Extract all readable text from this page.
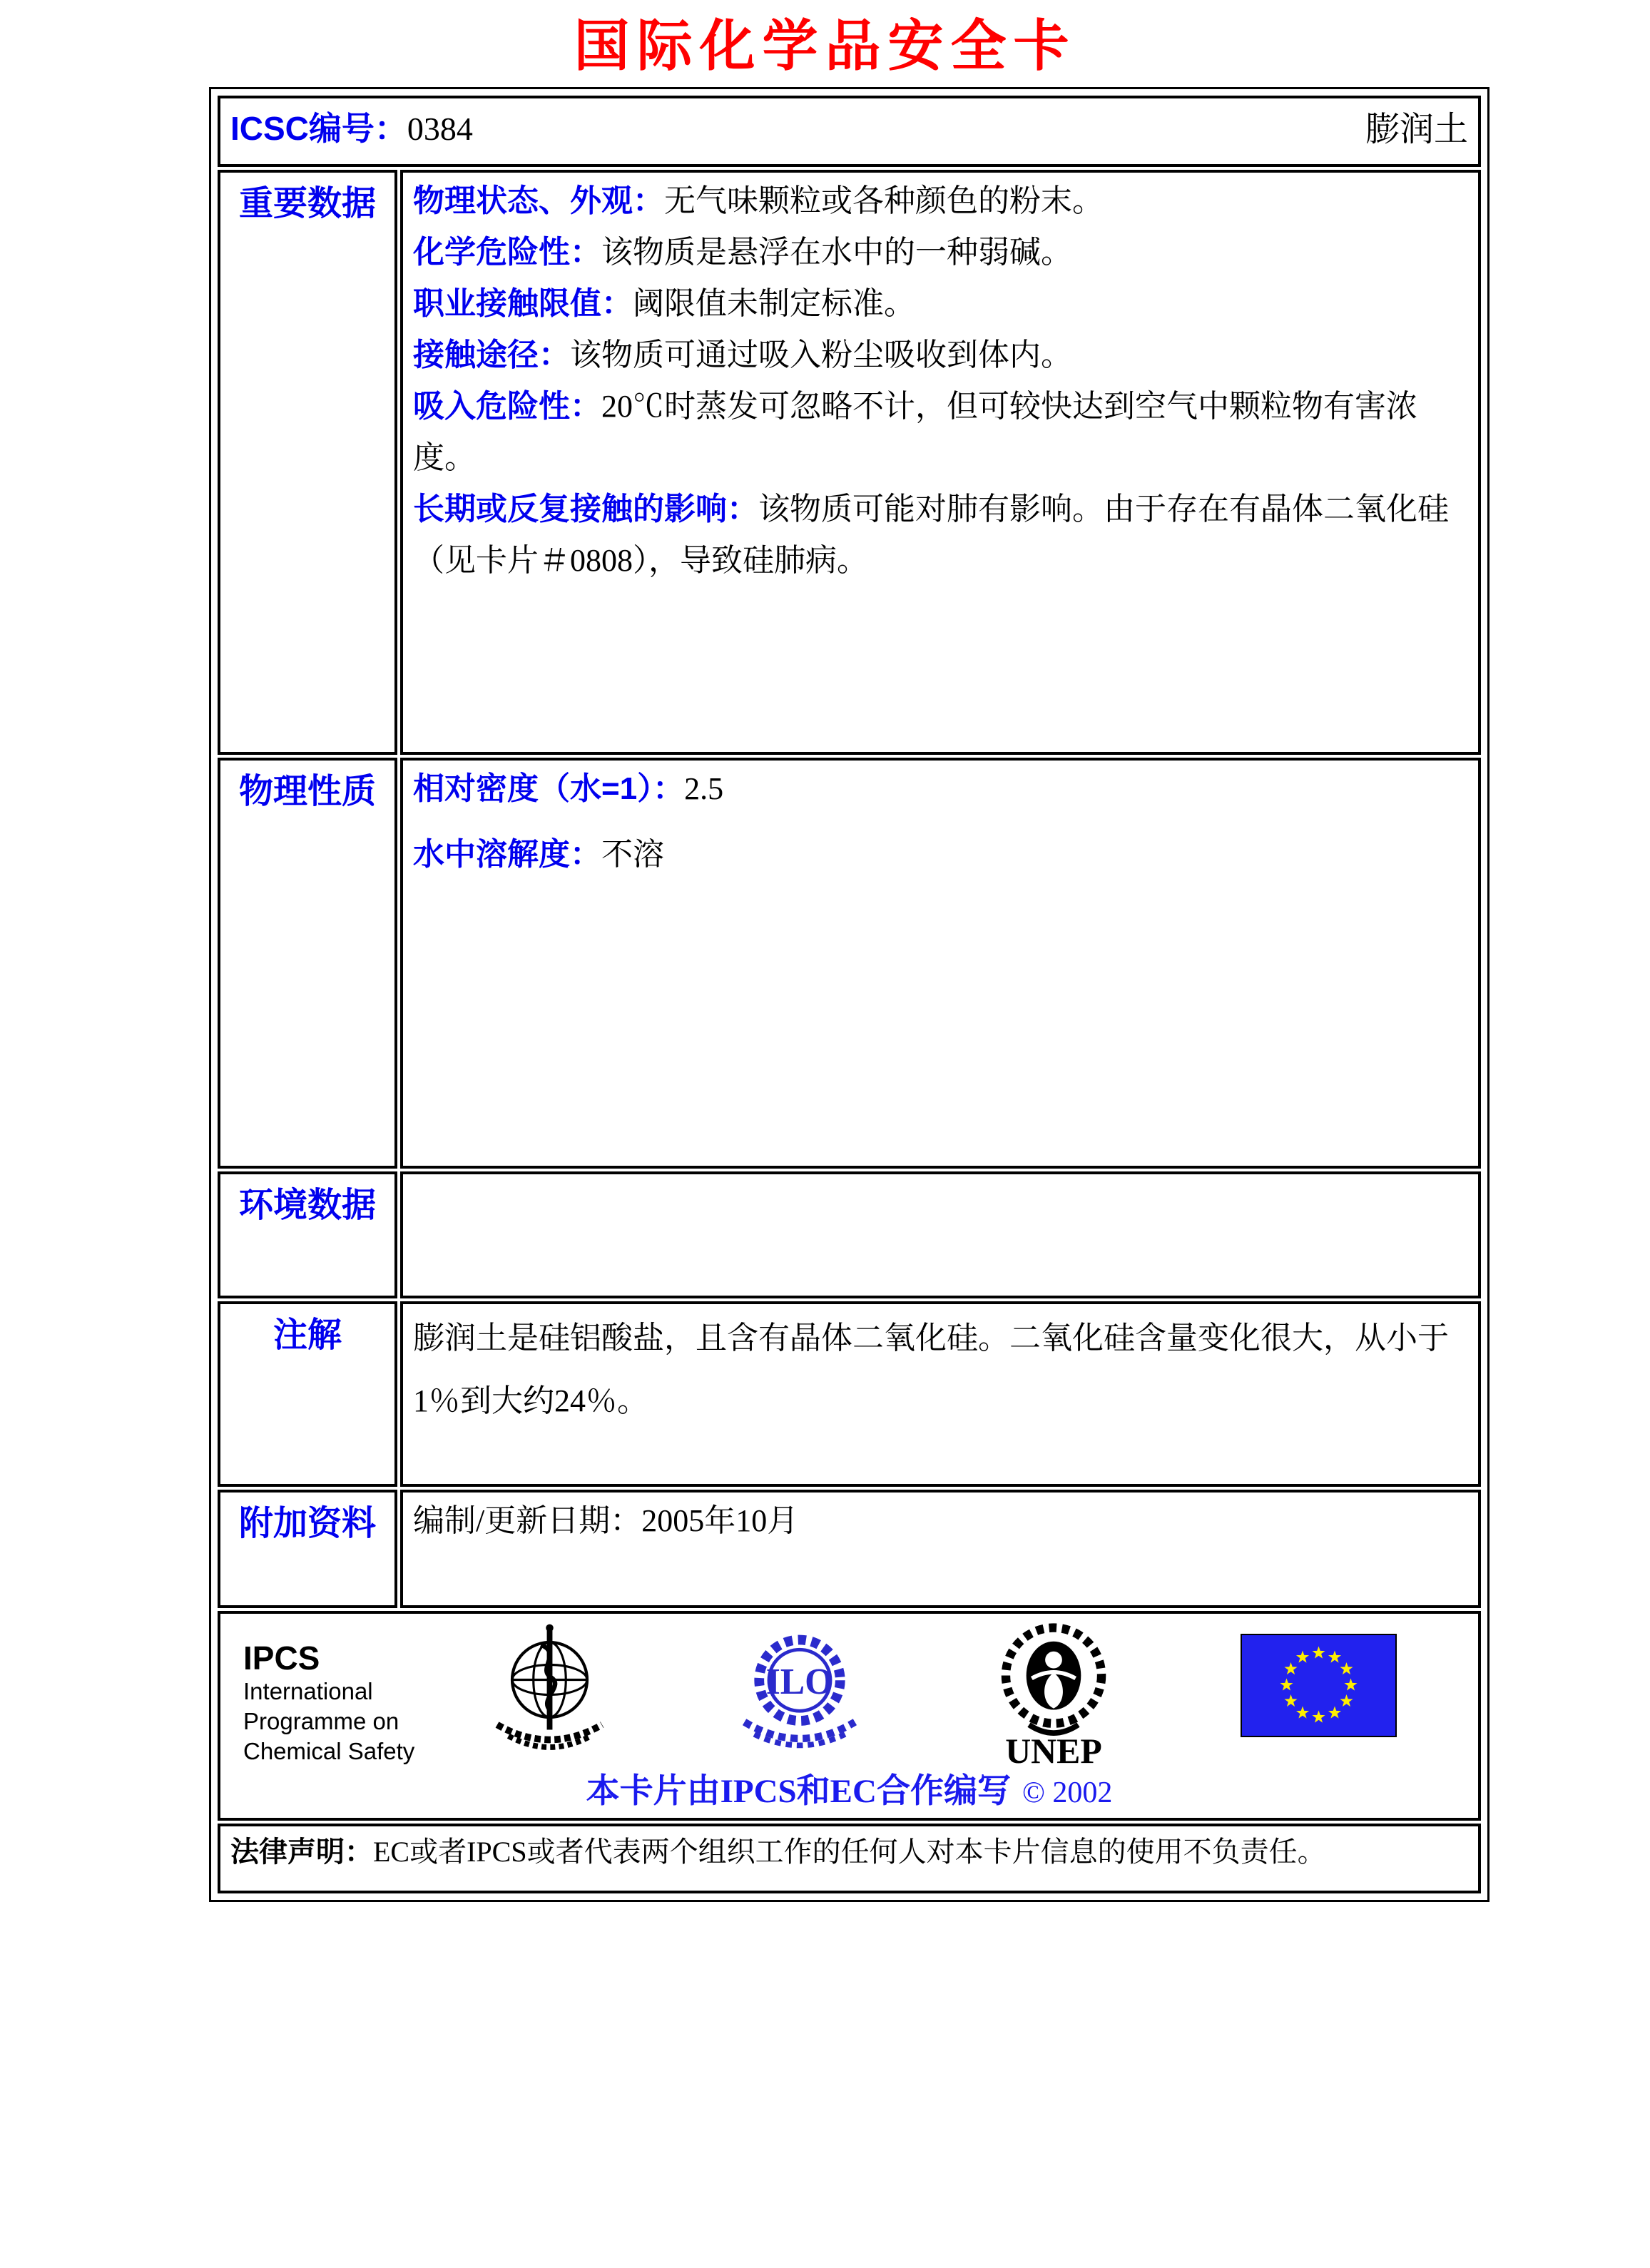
国际化学品安全卡
ICSC编号：0384 膨润土	

重要数据	物理状态、外观：无气味颗粒或各种颜色的粉末。
化学危险性：该物质是悬浮在水中的一种弱碱。
职业接触限值：阈限值未制定标准。
接触途径：该物质可通过吸入粉尘吸收到体内。
吸入危险性：20℃时蒸发可忽略不计，但可较快达到空气中颗粒物有害浓度。
长期或反复接触的影响：该物质可能对肺有影响。由于存在有晶体二氧化硅（见卡片＃0808），导致硅肺病。

物理性质	相对密度（水=1）：2.5
水中溶解度：不溶

环境数据	
注解	膨润土是硅铝酸盐，且含有晶体二氧化硅。二氧化硅含量变化很大，从小于1％到大约24％。

附加资料	编制/更新日期：2005年10月

IPCS
International
Programme on
Chemical Safety
ILO
UNEP
本卡片由IPCS和EC合作编写 © 2002

法律声明：EC或者IPCS或者代表两个组织工作的任何人对本卡片信息的使用不负责任。	
